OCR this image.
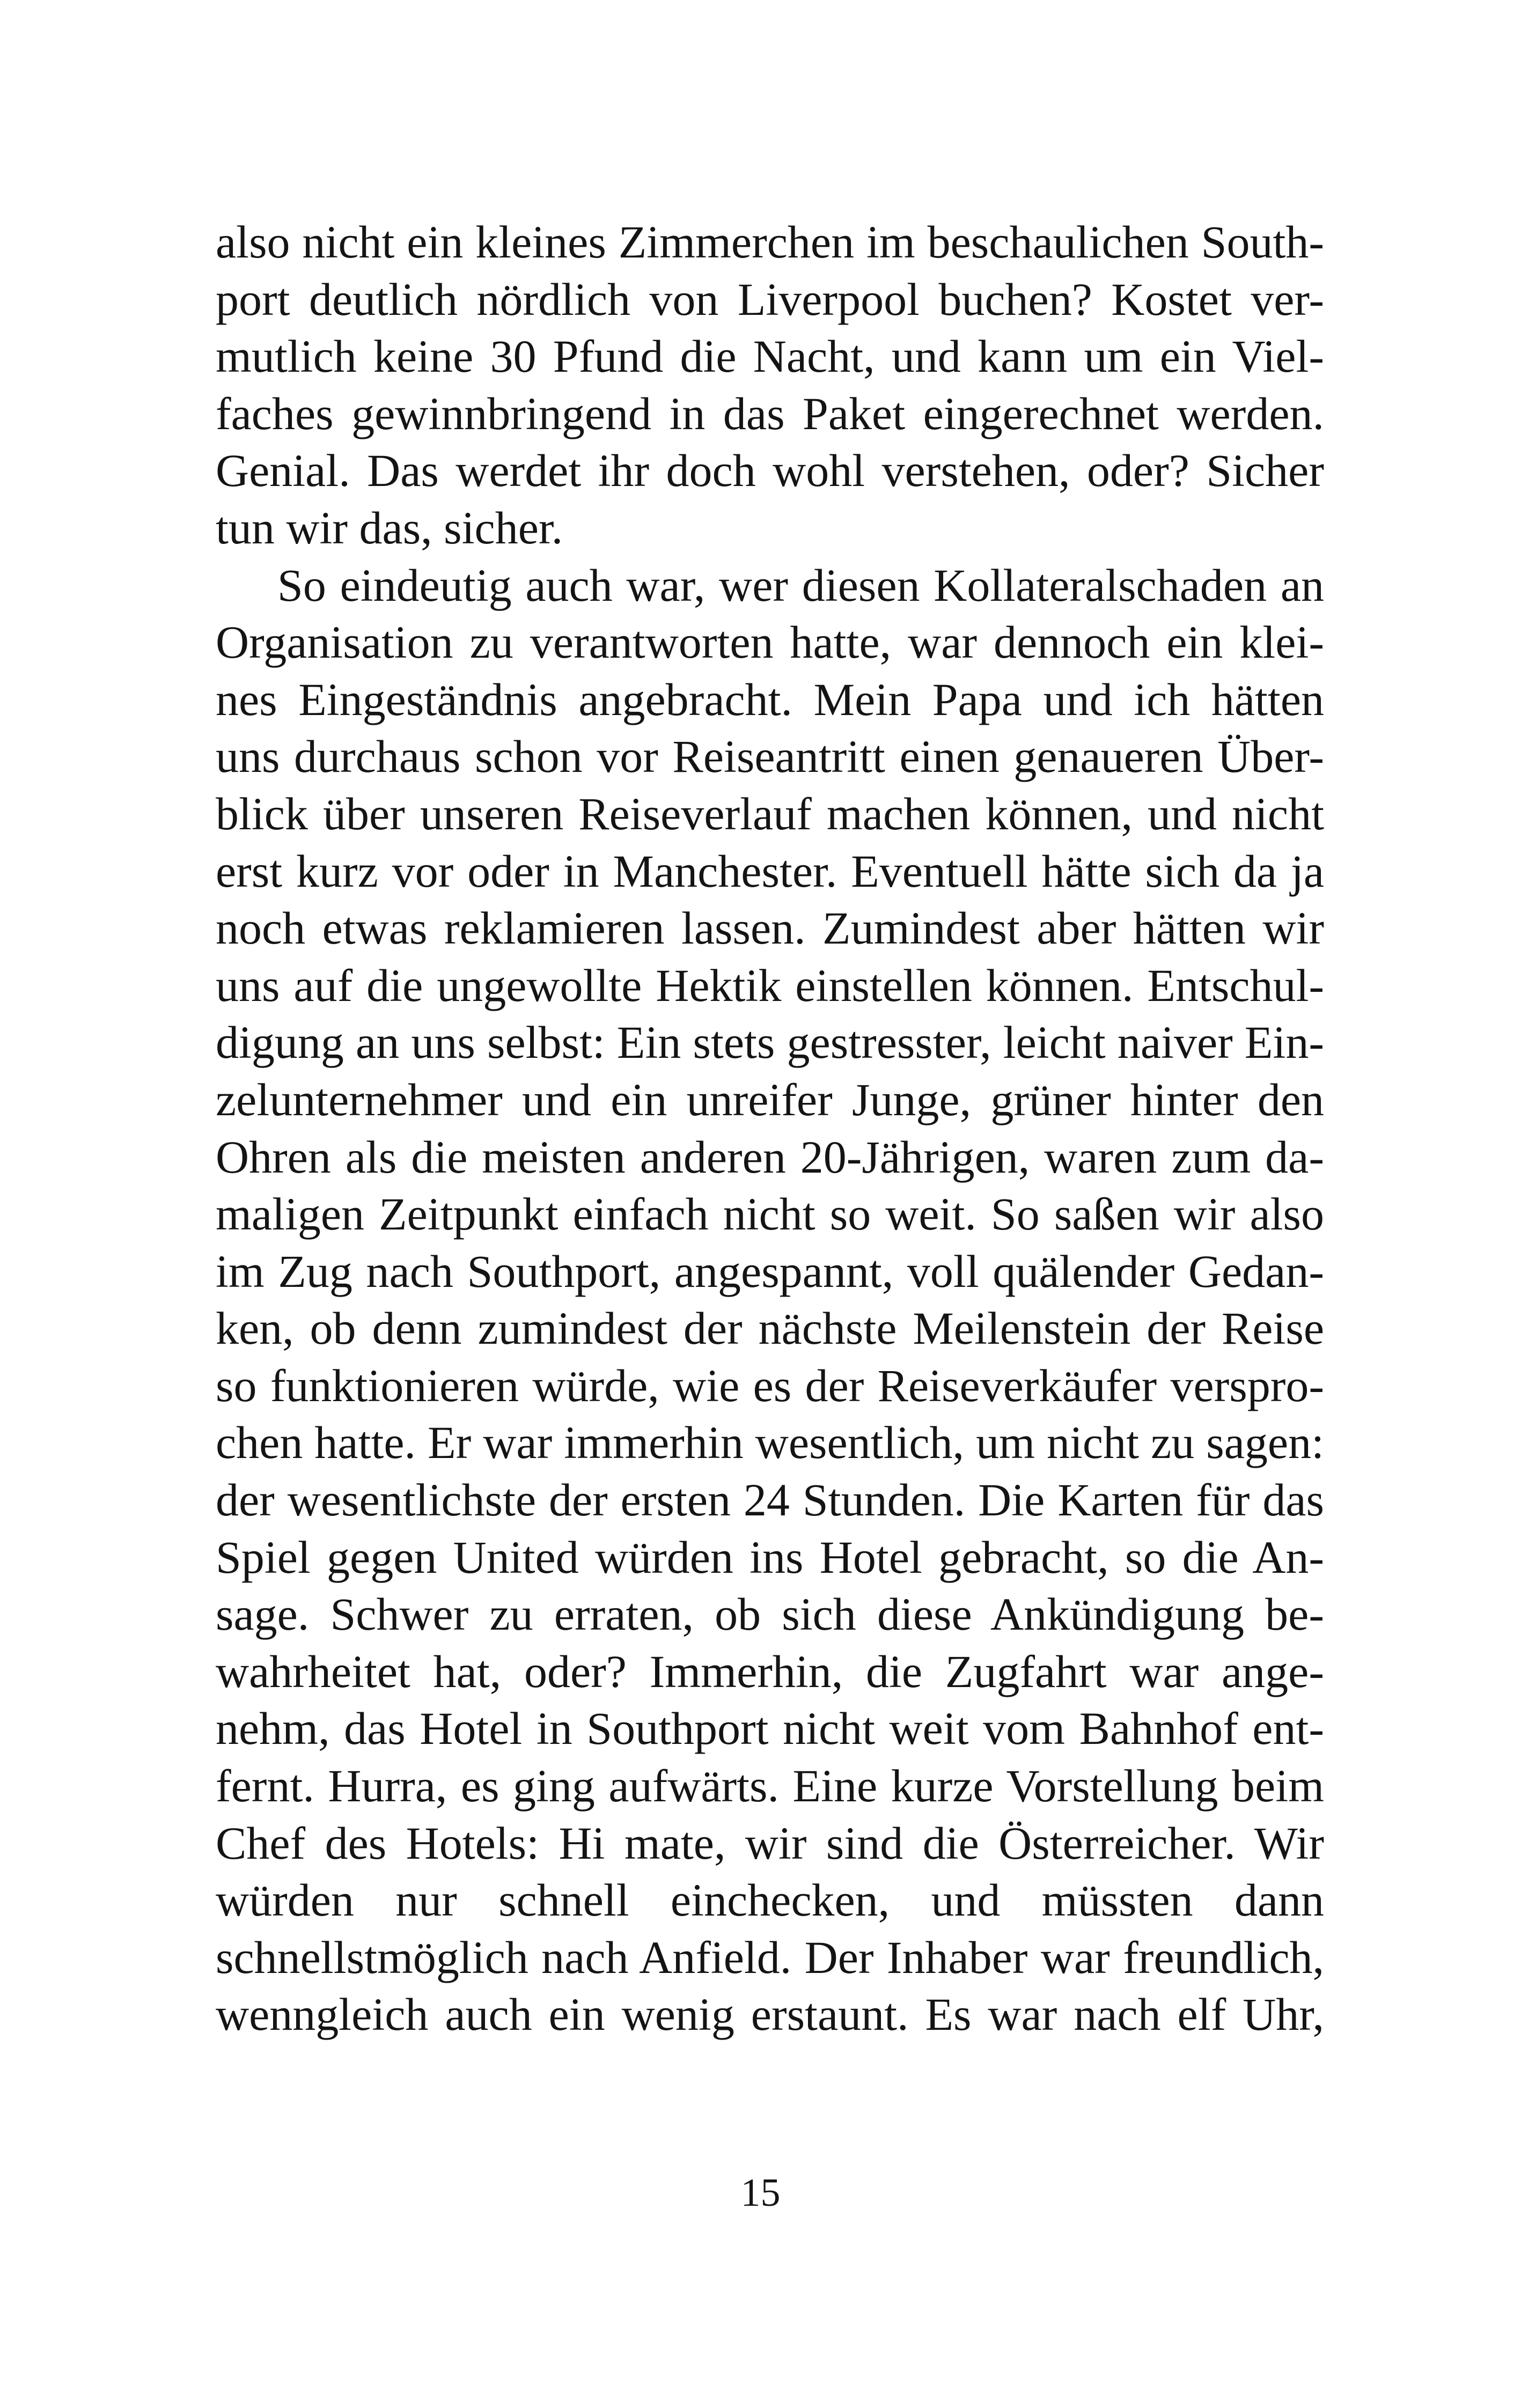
also nicht ein kleines Zimmerchen im beschaulichen South-
port deutlich nördlich von Liverpool buchen? Kostet ver-
mutlich keine 30 Pfund die Nacht, und kann um ein Viel-
faches gewinnbringend in das Paket eingerechnet werden.
Genial. Das werdet ihr doch wohl verstehen, oder? Sicher
tun wir das, sicher.
So eindeutig auch war, wer diesen Kollateralschaden an
Organisation zu verantworten hatte, war dennoch ein klei-
nes Eingeständnis angebracht. Mein Papa und ich hätten
uns durchaus schon vor Reiseantritt einen genaueren Über-
blick über unseren Reiseverlauf machen können, und nicht
erst kurz vor oder in Manchester. Eventuell hätte sich da ja
noch etwas reklamieren lassen. Zumindest aber hätten wir
uns auf die ungewollte Hektik einstellen können. Entschul-
digung an uns selbst: Ein stets gestresster, leicht naiver Ein-
zelunternehmer und ein unreifer Junge, grüner hinter den
Ohren als die meisten anderen 20-Jährigen, waren zum da-
maligen Zeitpunkt einfach nicht so weit. So saßen wir also
im Zug nach Southport, angespannt, voll quälender Gedan-
ken, ob denn zumindest der nächste Meilenstein der Reise
so funktionieren würde, wie es der Reiseverkäufer verspro-
chen hatte. Er war immerhin wesentlich, um nicht zu sagen:
der wesentlichste der ersten 24 Stunden. Die Karten für das
Spiel gegen United würden ins Hotel gebracht, so die An-
sage. Schwer zu erraten, ob sich diese Ankündigung be-
wahrheitet hat, oder? Immerhin, die Zugfahrt war ange-
nehm, das Hotel in Southport nicht weit vom Bahnhof ent-
fernt. Hurra, es ging aufwärts. Eine kurze Vorstellung beim
Chef des Hotels: Hi mate, wir sind die Österreicher. Wir
würden nur schnell einchecken, und müssten dann
schnellstmöglich nach Anfield. Der Inhaber war freundlich,
wenngleich auch ein wenig erstaunt. Es war nach elf Uhr,
15
